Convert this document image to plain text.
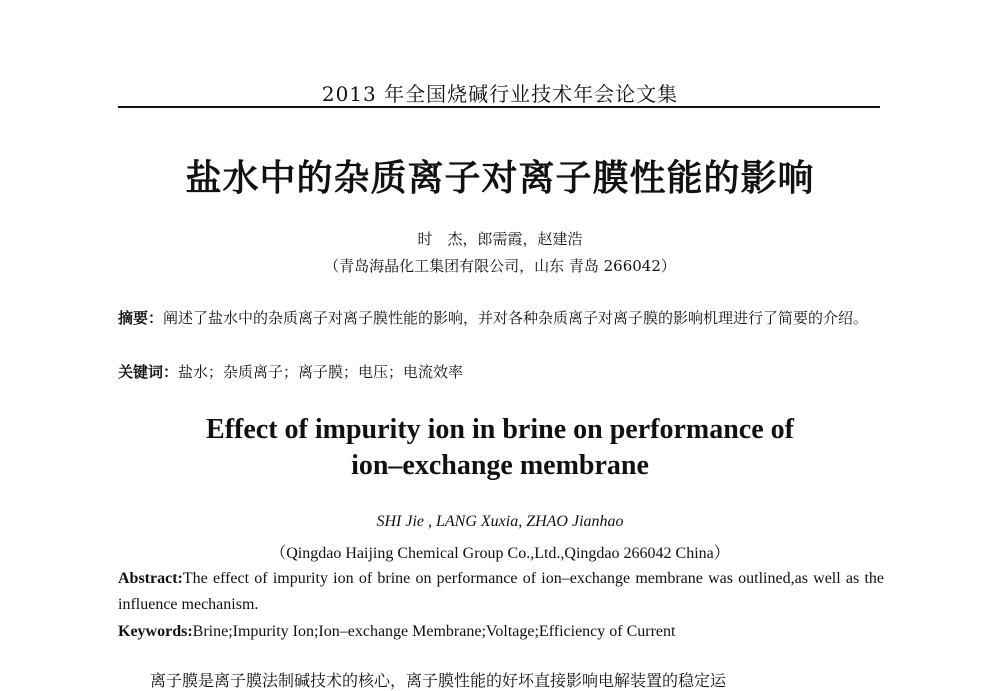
2013 年全国烧碱行业技术年会论文集
盐水中的杂质离子对离子膜性能的影响
时　杰，郎需霞，赵建浩
（青岛海晶化工集团有限公司，山东 青岛 266042）
摘要：阐述了盐水中的杂质离子对离子膜性能的影响，并对各种杂质离子对离子膜的影响机理进行了简要的介绍。
关键词：盐水；杂质离子；离子膜；电压；电流效率
Effect of impurity ion in brine on performance of
ion–exchange membrane
SHI Jie , LANG Xuxia, ZHAO Jianhao
（Qingdao Haijing Chemical Group Co.,Ltd.,Qingdao 266042 China）
Abstract:The effect of impurity ion of brine on performance of ion–exchange membrane was outlined,as well as the influence mechanism.
Keywords:Brine;Impurity Ion;Ion–exchange Membrane;Voltage;Efficiency of Current
离子膜是离子膜法制碱技术的核心，离子膜性能的好坏直接影响电解装置的稳定运
